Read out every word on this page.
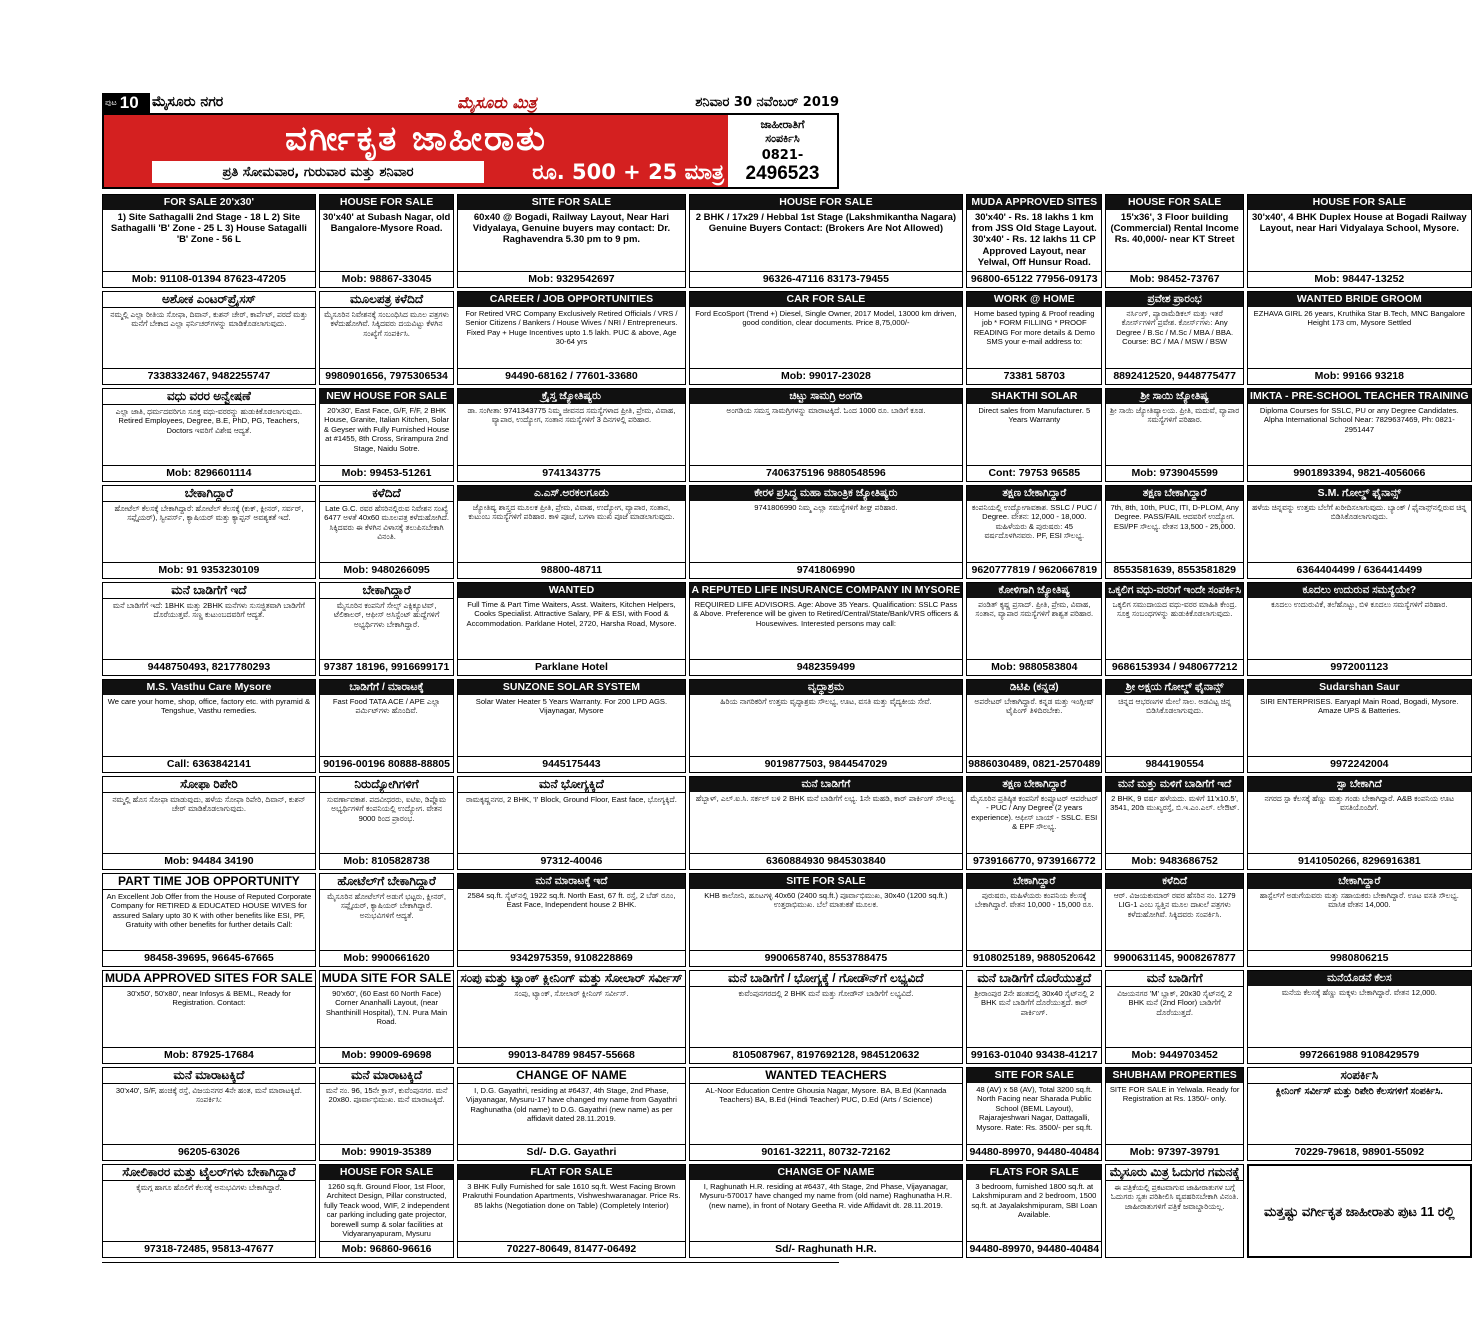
ಪುಟ 10 ಮೈಸೂರು ನಗರ	ಮೈಸೂರು ಮಿತ್ರ	ಶನಿವಾರ 30 ನವೆಂಬರ್ 2019
ವರ್ಗೀಕೃತ ಜಾಹೀರಾತು
ಪ್ರತಿ ಸೋಮವಾರ, ಗುರುವಾರ ಮತ್ತು ಶನಿವಾರ	ರೂ. 500 + 25 ಮಾತ್ರ
ಜಾಹೀರಾತಿಗೆ
ಸಂಪರ್ಕಿಸಿ
0821-
2496523
FOR SALE 20'x30'
1) Site Sathagalli 2nd Stage - 18 L 2) Site Sathagalli 'B' Zone - 25 L 3) House Satagalli 'B' Zone - 56 L
Mob: 91108-01394 87623-47205
HOUSE FOR SALE
30'x40' at Subash Nagar, old Bangalore-Mysore Road.
Mob: 98867-33045
SITE FOR SALE
60x40 @ Bogadi, Railway Layout, Near Hari Vidyalaya, Genuine buyers may contact: Dr. Raghavendra 5.30 pm to 9 pm.
Mob: 9329542697
HOUSE FOR SALE
2 BHK / 17x29 / Hebbal 1st Stage (Lakshmikantha Nagara) Genuine Buyers Contact: (Brokers Are Not Allowed)
96326-47116 83173-79455
MUDA APPROVED SITES
30'x40' - Rs. 18 lakhs 1 km from JSS Old Stage Layout. 30'x40' - Rs. 12 lakhs 11 CP Approved Layout, near Yelwal, Off Hunsur Road.
96800-65122 77956-09173
HOUSE FOR SALE
15'x36', 3 Floor building (Commercial) Rental Income Rs. 40,000/- near KT Street
Mob: 98452-73767
HOUSE FOR SALE
30'x40', 4 BHK Duplex House at Bogadi Railway Layout, near Hari Vidyalaya School, Mysore.
Mob: 98447-13252
ಅಶೋಕ ಎಂಟರ್‌ಪ್ರೈಸಸ್
ನಮ್ಮಲ್ಲಿ ಎಲ್ಲಾ ರೀತಿಯ ಸೋಫಾ, ದಿವಾನ್, ಕುಶನ್ ಚೇರ್, ಕಾರ್ಪೆಟ್, ಪರದೆ ಮತ್ತು ಮನೆಗೆ ಬೇಕಾದ ಎಲ್ಲಾ ಫರ್ನಿಚರ್‌ಗಳನ್ನು ಮಾಡಿಕೊಡಲಾಗುವುದು.
7338332467, 9482255747
ಮೂಲಪತ್ರ ಕಳೆದಿದೆ
ಮೈಸೂರಿನ ನಿವೇಶನಕ್ಕೆ ಸಂಬಂಧಿಸಿದ ಮೂಲ ಪತ್ರಗಳು ಕಳೆದುಹೋಗಿವೆ. ಸಿಕ್ಕಿದವರು ದಯವಿಟ್ಟು ಕೆಳಗಿನ ಸಂಖ್ಯೆಗೆ ಸಂಪರ್ಕಿಸಿ.
9980901656, 7975306534
CAREER / JOB OPPORTUNITIES
For Retired VRC Company Exclusively Retired Officials / VRS / Senior Citizens / Bankers / House Wives / NRI / Entrepreneurs. Fixed Pay + Huge Incentives upto 1.5 lakh. PUC & above, Age 30-64 yrs
94490-68162 / 77601-33680
CAR FOR SALE
Ford EcoSport (Trend +) Diesel, Single Owner, 2017 Model, 13000 km driven, good condition, clear documents. Price 8,75,000/-
Mob: 99017-23028
WORK @ HOME
Home based typing & Proof reading job * FORM FILLING * PROOF READING For more details & Demo SMS your e-mail address to:
73381 58703
ಪ್ರವೇಶ ಪ್ರಾರಂಭ
ನರ್ಸಿಂಗ್, ಪ್ಯಾರಾಮೆಡಿಕಲ್ ಮತ್ತು ಇತರೆ ಕೋರ್ಸ್‌ಗಳಿಗೆ ಪ್ರವೇಶ. ಕೋರ್ಸ್‌ಗಳು: Any Degree / B.Sc / M.Sc / MBA / BBA. Course: BC / MA / MSW / BSW
8892412520, 9448775477
WANTED BRIDE GROOM
EZHAVA GIRL 26 years, Kruthika Star B.Tech, MNC Bangalore Height 173 cm, Mysore Settled
Mob: 99166 93218
ವಧು ವರರ ಅನ್ವೇಷಣೆ
ಎಲ್ಲಾ ಜಾತಿ, ಧರ್ಮದವರಿಗೂ ಸೂಕ್ತ ವಧು-ವರರನ್ನು ಹುಡುಕಿಕೊಡಲಾಗುವುದು. Retired Employees, Degree, B.E, PhD, PG, Teachers, Doctors ಇವರಿಗೆ ವಿಶೇಷ ಆದ್ಯತೆ.
Mob: 8296601114
NEW HOUSE FOR SALE
20'x30', East Face, G/F, F/F, 2 BHK House, Granite, Italian Kitchen, Solar & Geyser with Fully Furnished House at #1455, 8th Cross, Srirampura 2nd Stage, Naidu Sotre.
Mob: 99453-51261
ಕ್ರೈಸ್ತ ಜ್ಯೋತಿಷ್ಯರು
ಡಾ. ಸಂಗೀತಾ: 9741343775 ನಿಮ್ಮ ಜೀವನದ ಸಮಸ್ಯೆಗಳಾದ ಪ್ರೀತಿ, ಪ್ರೇಮ, ವಿವಾಹ, ವ್ಯಾಪಾರ, ಉದ್ಯೋಗ, ಸಂತಾನ ಸಮಸ್ಯೆಗಳಿಗೆ 3 ದಿನಗಳಲ್ಲಿ ಪರಿಹಾರ.
9741343775
ಚಿಟ್ಟು ಸಾಮಗ್ರಿ ಅಂಗಡಿ
ಅಂಗಡಿಯ ಸಮಸ್ತ ಸಾಮಗ್ರಿಗಳನ್ನು ಮಾರಾಟಕ್ಕಿದೆ. ಓಂದ 1000 ರೂ. ಬಾಡಿಗೆ ಕೂಡ.
7406375196 9880548596
SHAKTHI SOLAR
Direct sales from Manufacturer. 5 Years Warranty
Cont: 79753 96585
ಶ್ರೀ ಸಾಯಿ ಜ್ಯೋತಿಷ್ಯ
ಶ್ರೀ ಸಾಯಿ ಜ್ಯೋತಿಷ್ಯಾಲಯ. ಪ್ರೀತಿ, ಮದುವೆ, ವ್ಯಾಪಾರ ಸಮಸ್ಯೆಗಳಿಗೆ ಪರಿಹಾರ.
Mob: 9739045599
IMKTA - PRE-SCHOOL TEACHER TRAINING
Diploma Courses for SSLC, PU or any Degree Candidates. Alpha International School Near: 7829637469, Ph: 0821-2951447
9901893394, 9821-4056066
ಬೇಕಾಗಿದ್ದಾರೆ
ಹೋಟೆಲ್ ಕೆಲಸಕ್ಕೆ ಬೇಕಾಗಿದ್ದಾರೆ: ಹೋಟೆಲ್ ಕೆಲಸಕ್ಕೆ (ಕುಕ್, ಕ್ಲೀನರ್, ಸರ್ವರ್, ಸಪ್ಲೈಯರ್), ಸ್ವೀಪರ್ಸ್, ಕ್ಯಾಷಿಯರ್ ಮತ್ತು ಕ್ಯಾಪ್ಟನ್ ಅವಶ್ಯಕತೆ ಇದೆ.
Mob: 91 9353230109
ಕಳೆದಿದೆ
Late G.C. ರವರ ಹೆಸರಿನಲ್ಲಿರುವ ನಿವೇಶನ ಸಂಖ್ಯೆ 6477 ಅಳತೆ 40x60 ಮೂಲಪತ್ರ ಕಳೆದುಹೋಗಿದೆ. ಸಿಕ್ಕಿದವರು ಈ ಕೆಳಗಿನ ವಿಳಾಸಕ್ಕೆ ತಲುಪಿಸಬೇಕಾಗಿ ವಿನಂತಿ.
Mob: 9480266095
ಎ.ಎಸ್.ಅರಕಲಗೂಡು
ಜ್ಯೋತಿಷ್ಯ ಶಾಸ್ತ್ರದ ಮೂಲಕ ಪ್ರೀತಿ, ಪ್ರೇಮ, ವಿವಾಹ, ಉದ್ಯೋಗ, ವ್ಯಾಪಾರ, ಸಂತಾನ, ಕುಟುಂಬ ಸಮಸ್ಯೆಗಳಿಗೆ ಪರಿಹಾರ. ಕಾಳಿ ಪೂಜೆ, ಬಗಳಾ ಮುಖಿ ಪೂಜೆ ಮಾಡಲಾಗುವುದು.
98800-48711
ಕೇರಳ ಪ್ರಸಿದ್ಧ ಮಹಾ ಮಾಂತ್ರಿಕ ಜ್ಯೋತಿಷ್ಯರು
9741806990 ನಿಮ್ಮ ಎಲ್ಲಾ ಸಮಸ್ಯೆಗಳಿಗೆ ಶೀಘ್ರ ಪರಿಹಾರ.
9741806990
ತಕ್ಷಣ ಬೇಕಾಗಿದ್ದಾರೆ
ಕಂಪನಿಯಲ್ಲಿ ಉದ್ಯೋಗಾವಕಾಶ. SSLC / PUC / Degree. ವೇತನ: 12,000 - 18,000. ಮಹಿಳೆಯರು & ಪುರುಷರು: 45 ವರ್ಷದೊಳಗಿನವರು. PF, ESI ಸೌಲಭ್ಯ.
9620777819 / 9620667819
ತಕ್ಷಣ ಬೇಕಾಗಿದ್ದಾರೆ
7th, 8th, 10th, PUC, ITI, D-PLOM, Any Degree. PASS/FAIL ಆದವರಿಗೆ ಉದ್ಯೋಗ. ESI/PF ಸೌಲಭ್ಯ. ವೇತನ 13,500 - 25,000.
8553581639, 8553581829
S.M. ಗೋಲ್ಡ್ ಫೈನಾನ್ಸ್
ಹಳೆಯ ಚಿನ್ನವನ್ನು ಉತ್ತಮ ಬೆಲೆಗೆ ಖರೀದಿಸಲಾಗುವುದು. ಬ್ಯಾಂಕ್ / ಫೈನಾನ್ಸ್‌ನಲ್ಲಿರುವ ಚಿನ್ನ ಬಿಡಿಸಿಕೊಡಲಾಗುವುದು.
6364404499 / 6364414499
ಮನೆ ಬಾಡಿಗೆಗೆ ಇದೆ
ಮನೆ ಬಾಡಿಗೆಗೆ ಇದೆ: 1BHK ಮತ್ತು 2BHK ಮನೆಗಳು ಸುಸಜ್ಜಿತವಾಗಿ ಬಾಡಿಗೆಗೆ ದೊರೆಯುತ್ತವೆ. ಸಣ್ಣ ಕುಟುಂಬದವರಿಗೆ ಆದ್ಯತೆ.
9448750493, 8217780293
ಬೇಕಾಗಿದ್ದಾರೆ
ಮೈಸೂರಿನ ಕಂಪನಿಗೆ ಸೇಲ್ಸ್ ಎಕ್ಸಿಕ್ಯೂಟಿವ್, ಟೆಲಿಕಾಲರ್, ಆಫೀಸ್ ಅಸಿಸ್ಟೆಂಟ್ ಹುದ್ದೆಗಳಿಗೆ ಅಭ್ಯರ್ಥಿಗಳು ಬೇಕಾಗಿದ್ದಾರೆ.
97387 18196, 9916699171
WANTED
Full Time & Part Time Waiters, Asst. Waiters, Kitchen Helpers, Cooks Specialist. Attractive Salary, PF & ESI, with Food & Accommodation. Parklane Hotel, 2720, Harsha Road, Mysore.
Parklane Hotel
A REPUTED LIFE INSURANCE COMPANY IN MYSORE
REQUIRED LIFE ADVISORS. Age: Above 35 Years. Qualification: SSLC Pass & Above. Preference will be given to Retired/Central/State/Bank/VRS officers & Housewives. Interested persons may call:
9482359499
ಕೋಳಿಗಾಗಿ ಜ್ಯೋತಿಷ್ಯ
ಪಂಡಿತ್ ಕೃಷ್ಣ ಪ್ರಸಾದ್. ಪ್ರೀತಿ, ಪ್ರೇಮ, ವಿವಾಹ, ಸಂತಾನ, ವ್ಯಾಪಾರ ಸಮಸ್ಯೆಗಳಿಗೆ ಶಾಶ್ವತ ಪರಿಹಾರ.
Mob: 9880583804
ಒಕ್ಕಲಿಗ ವಧು-ವರರಿಗೆ ಇಂದೇ ಸಂಪರ್ಕಿಸಿ
ಒಕ್ಕಲಿಗ ಸಮುದಾಯದ ವಧು-ವರರ ಮಾಹಿತಿ ಕೇಂದ್ರ. ಸೂಕ್ತ ಸಂಬಂಧಗಳನ್ನು ಹುಡುಕಿಕೊಡಲಾಗುವುದು.
9686153934 / 9480677212
ಕೂದಲು ಉದುರುವ ಸಮಸ್ಯೆಯೇ?
ಕೂದಲು ಉದುರುವಿಕೆ, ತಲೆಹೊಟ್ಟು, ಬಿಳಿ ಕೂದಲು ಸಮಸ್ಯೆಗಳಿಗೆ ಪರಿಹಾರ.
9972001123
M.S. Vasthu Care Mysore
We care your home, shop, office, factory etc. with pyramid & Tengshue, Vasthu remedies.
Call: 6363842141
ಬಾಡಿಗೆಗೆ / ಮಾರಾಟಕ್ಕೆ
Fast Food TATA ACE / APE ಎಲ್ಲಾ ಪರ್ಮಿಟ್‌ಗಳು ಹೊಂದಿವೆ.
90196-00196 80888-88805
SUNZONE SOLAR SYSTEM
Solar Water Heater 5 Years Warranty. For 200 LPD AGS. Vijaynagar, Mysore
9445175443
ವೃದ್ಧಾಶ್ರಮ
ಹಿರಿಯ ನಾಗರಿಕರಿಗೆ ಉತ್ತಮ ವೃದ್ಧಾಶ್ರಮ ಸೌಲಭ್ಯ, ಊಟ, ವಸತಿ ಮತ್ತು ವೈದ್ಯಕೀಯ ಸೇವೆ.
9019877503, 9844547029
ಡಿಟಿಪಿ (ಕನ್ನಡ)
ಅಪರೇಟರ್ ಬೇಕಾಗಿದ್ದಾರೆ. ಕನ್ನಡ ಮತ್ತು ಇಂಗ್ಲೀಷ್ ಟೈಪಿಂಗ್ ತಿಳಿದಿರಬೇಕು.
9886030489, 0821-2570489
ಶ್ರೀ ಅಕ್ಷಯ ಗೋಲ್ಡ್ ಫೈನಾನ್ಸ್
ಚಿನ್ನದ ಆಭರಣಗಳ ಮೇಲೆ ಸಾಲ. ಅಡವಿಟ್ಟ ಚಿನ್ನ ಬಿಡಿಸಿಕೊಡಲಾಗುವುದು.
9844190554
Sudarshan Saur
SIRI ENTERPRISES. Earyapl Main Road, Bogadi, Mysore. Amaze UPS & Batteries.
9972242004
ಸೋಫಾ ರಿಪೇರಿ
ನಮ್ಮಲ್ಲಿ ಹೊಸ ಸೋಫಾ ಮಾಡುವುದು, ಹಳೆಯ ಸೋಫಾ ರಿಪೇರಿ, ದಿವಾನ್, ಕುಶನ್ ಚೇರ್ ಮಾಡಿಕೊಡಲಾಗುವುದು.
Mob: 94484 34190
ನಿರುದ್ಯೋಗಿಗಳಿಗೆ
ಸುವರ್ಣಾವಕಾಶ. ಪದವೀಧರರು, ಐಟಿಐ, ಡಿಪ್ಲೊಮ ಅಭ್ಯರ್ಥಿಗಳಿಗೆ ಕಂಪನಿಯಲ್ಲಿ ಉದ್ಯೋಗ. ವೇತನ 9000 ರಿಂದ ಪ್ರಾರಂಭ.
Mob: 8105828738
ಮನೆ ಭೋಗ್ಯಕ್ಕಿದೆ
ರಾಮಕೃಷ್ಣನಗರ, 2 BHK, 'I' Block, Ground Floor, East face, ಭೋಗ್ಯಕ್ಕಿದೆ.
97312-40046
ಮನೆ ಬಾಡಿಗೆಗೆ
ಹೆಬ್ಬಾಳ್, ಎಲ್.ಐ.ಸಿ. ಸರ್ಕಲ್ ಬಳಿ 2 BHK ಮನೆ ಬಾಡಿಗೆಗೆ ಲಭ್ಯ. 1ನೇ ಮಹಡಿ, ಕಾರ್ ಪಾರ್ಕಿಂಗ್ ಸೌಲಭ್ಯ.
6360884930 9845303840
ತಕ್ಷಣ ಬೇಕಾಗಿದ್ದಾರೆ
ಮೈಸೂರಿನ ಪ್ರತಿಷ್ಠಿತ ಕಂಪನಿಗೆ ಕಂಪ್ಯೂಟರ್ ಆಪರೇಟರ್ - PUC / Any Degree (2 years experience). ಆಫೀಸ್ ಬಾಯ್ - SSLC. ESI & EPF ಸೌಲಭ್ಯ.
9739166770, 9739166772
ಮನೆ ಮತ್ತು ಮಳಿಗೆ ಬಾಡಿಗೆಗೆ ಇದೆ
2 BHK, 9 ವರ್ಷ ಹಳೆಯದು. ಮಳಿಗೆ 11'x10.5', 3541, 20ಡಿ ಮುಖ್ಯರಸ್ತೆ, ಬಿ.ಇ.ಎಂ.ಎಲ್. ಲೇಔಟ್.
Mob: 9483686752
ಸ್ಪಾ ಬೇಕಾಗಿದೆ
ನಗರದ ಸ್ಪಾ ಕೆಲಸಕ್ಕೆ ಹೆಣ್ಣು ಮತ್ತು ಗಂಡು ಬೇಕಾಗಿದ್ದಾರೆ. A&B ಕಂಪನಿಯ ಊಟ ವಸತಿಯೊಂದಿಗೆ.
9141050266, 8296916381
PART TIME JOB OPPORTUNITY
An Excellent Job Offer from the House of Reputed Corporate Company for RETIRED & EDUCATED HOUSE WIVES for assured Salary upto 30 K with other benefits like ESI, PF, Gratuity with other benefits for further details Call:
98458-39695, 96645-67665
ಹೋಟೆಲ್‌ಗೆ ಬೇಕಾಗಿದ್ದಾರೆ
ಮೈಸೂರಿನ ಹೋಟೆಲ್‌ಗೆ ಅಡುಗೆ ಭಟ್ಟರು, ಕ್ಲೀನರ್, ಸಪ್ಲೈಯರ್, ಕ್ಯಾಷಿಯರ್ ಬೇಕಾಗಿದ್ದಾರೆ. ಅನುಭವಿಗಳಿಗೆ ಆದ್ಯತೆ.
Mob: 9900661620
ಮನೆ ಮಾರಾಟಕ್ಕೆ ಇದೆ
2584 sq.ft. ಸೈಟ್‌ನಲ್ಲಿ 1922 sq.ft. North East, 67 ft. ರಸ್ತೆ, 2 ಬೆಡ್ ರೂಂ, East Face, Independent house 2 BHK.
9342975359, 9108228869
SITE FOR SALE
KHB ಕಾಲೋನಿ, ಹೂಟಗಳ್ಳಿ 40x60 (2400 sq.ft.) ಪೂರ್ವಾಭಿಮುಖ, 30x40 (1200 sq.ft.) ಉತ್ತರಾಭಿಮುಖ. ಬೆಲೆ ಮಾತುಕತೆ ಮೂಲಕ.
9900658740, 8553788475
ಬೇಕಾಗಿದ್ದಾರೆ
ಪುರುಷರು, ಮಹಿಳೆಯರು ಕಂಪನಿಯ ಕೆಲಸಕ್ಕೆ ಬೇಕಾಗಿದ್ದಾರೆ. ವೇತನ 10,000 - 15,000 ರೂ.
9108025189, 9880520642
ಕಳೆದಿದೆ
ಆರ್. ವಿಜಯಕುಮಾರ್ ರವರ ಹೆಸರಿನ ನಂ. 1279 LIG-1 ಎಂಬ ಸ್ವತ್ತಿನ ಮೂಲ ದಾಖಲೆ ಪತ್ರಗಳು ಕಳೆದುಹೋಗಿವೆ. ಸಿಕ್ಕಿದವರು ಸಂಪರ್ಕಿಸಿ.
9900631145, 9008267877
ಬೇಕಾಗಿದ್ದಾರೆ
ಹಾಸ್ಟೆಲ್‌ಗೆ ಅಡುಗೆಯವರು ಮತ್ತು ಸಹಾಯಕರು ಬೇಕಾಗಿದ್ದಾರೆ. ಊಟ ವಸತಿ ಸೌಲಭ್ಯ. ಮಾಸಿಕ ವೇತನ 14,000.
9980806215
MUDA APPROVED SITES FOR SALE
30'x50', 50'x80', near Infosys & BEML, Ready for Registration. Contact:
Mob: 87925-17684
MUDA SITE FOR SALE
90'x60', (60 East 60 North Face) Corner Ananhalli Layout, (near Shanthinill Hospital), T.N. Pura Main Road.
Mob: 99009-69698
ಸಂಪು ಮತ್ತು ಟ್ಯಾಂಕ್ ಕ್ಲೀನಿಂಗ್ ಮತ್ತು ಸೋಲಾರ್ ಸರ್ವೀಸ್
ಸಂಪು, ಟ್ಯಾಂಕ್, ಸೋಲಾರ್ ಕ್ಲೀನಿಂಗ್ ಸರ್ವೀಸ್.
99013-84789 98457-55668
ಮನೆ ಬಾಡಿಗೆಗೆ / ಭೋಗ್ಯಕ್ಕೆ / ಗೋಡೌನ್‌ಗೆ ಲಭ್ಯವಿದೆ
ಕುವೆಂಪುನಗರದಲ್ಲಿ 2 BHK ಮನೆ ಮತ್ತು ಗೋಡೌನ್ ಬಾಡಿಗೆಗೆ ಲಭ್ಯವಿದೆ.
8105087967, 8197692128, 9845120632
ಮನೆ ಬಾಡಿಗೆಗೆ ದೊರೆಯುತ್ತದೆ
ಶ್ರೀರಾಂಪುರ 2ನೇ ಹಂತದಲ್ಲಿ 30x40 ಸೈಟ್‌ನಲ್ಲಿ 2 BHK ಮನೆ ಬಾಡಿಗೆಗೆ ದೊರೆಯುತ್ತದೆ. ಕಾರ್ ಪಾರ್ಕಿಂಗ್.
99163-01040 93438-41217
ಮನೆ ಬಾಡಿಗೆಗೆ
ವಿಜಯನಗರ 'M' ಬ್ಲಾಕ್, 20x30 ಸೈಟ್‌ನಲ್ಲಿ 2 BHK ಮನೆ (2nd Floor) ಬಾಡಿಗೆಗೆ ದೊರೆಯುತ್ತದೆ.
Mob: 9449703452
ಮನೆಯೊಡನೆ ಕೆಲಸ
ಮನೆಯ ಕೆಲಸಕ್ಕೆ ಹೆಣ್ಣು ಮಕ್ಕಳು ಬೇಕಾಗಿದ್ದಾರೆ. ವೇತನ 12,000.
9972661988 9108429579
ಮನೆ ಮಾರಾಟಕ್ಕಿದೆ
30'x40', S/F, ಹಂಚಿಕ್ಕೆ ರಸ್ತೆ, ವಿಜಯನಗರ 4ನೇ ಹಂತ, ಮನೆ ಮಾರಾಟಕ್ಕಿದೆ. ಸಂಪರ್ಕಿಸಿ:
96205-63026
ಮನೆ ಮಾರಾಟಕ್ಕಿದೆ
ಮನೆ ನಂ. 96, 15ನೇ ಕ್ರಾಸ್, ಕುವೆಂಪುನಗರ. ಮನೆ 20x80. ಪೂರ್ವಾಭಿಮುಖ. ಮನೆ ಮಾರಾಟಕ್ಕಿದೆ.
Mob: 99019-35389
CHANGE OF NAME
I, D.G. Gayathri, residing at #6437, 4th Stage, 2nd Phase, Vijayanagar, Mysuru-17 have changed my name from Gayathri Raghunatha (old name) to D.G. Gayathri (new name) as per affidavit dated 28.11.2019.
Sd/- D.G. Gayathri
WANTED TEACHERS
AL-Noor Education Centre Ghousia Nagar, Mysore. BA, B.Ed (Kannada Teachers) BA, B.Ed (Hindi Teacher) PUC, D.Ed (Arts / Science)
90161-32211, 80732-72162
SITE FOR SALE
48 (AV) x 58 (AV), Total 3200 sq.ft. North Facing near Sharada Public School (BEML Layout), Rajarajeshwari Nagar, Dattagalli, Mysore. Rate: Rs. 3500/- per sq.ft.
94480-89970, 94480-40484
SHUBHAM PROPERTIES
SITE FOR SALE in Yelwala. Ready for Registration at Rs. 1350/- only.
Mob: 97397-39791
ಸಂಪರ್ಕಿಸಿ
ಕ್ಲೀನಿಂಗ್ ಸರ್ವೀಸ್ ಮತ್ತು ರಿಪೇರಿ ಕೆಲಸಗಳಿಗೆ ಸಂಪರ್ಕಿಸಿ.
70229-79618, 98901-55092
ಸೋಲಿಕಾರರ ಮತ್ತು ಟೈಲರ್‌ಗಳು ಬೇಕಾಗಿದ್ದಾರೆ
ಕೈಮಗ್ಗ ಹಾಗೂ ಹೊಲಿಗೆ ಕೆಲಸಕ್ಕೆ ಅನುಭವಿಗಳು ಬೇಕಾಗಿದ್ದಾರೆ.
97318-72485, 95813-47677
HOUSE FOR SALE
1260 sq.ft. Ground Floor, 1st Floor, Architect Design, Pillar constructed, fully Teack wood, WIF, 2 independent car parking including gate projector, borewell sump & solar facilities at Vidyaranyapuram, Mysuru
Mob: 96860-96616
FLAT FOR SALE
3 BHK Fully Furnished for sale 1610 sq.ft. West Facing Brown Prakruthi Foundation Apartments, Vishweshwaranagar. Price Rs. 85 lakhs (Negotiation done on Table) (Completely Interior)
70227-80649, 81477-06492
CHANGE OF NAME
I, Raghunath H.R. residing at #6437, 4th Stage, 2nd Phase, Vijayanagar, Mysuru-570017 have changed my name from (old name) Raghunatha H.R. (new name), in front of Notary Geetha R. vide Affidavit dt. 28.11.2019.
Sd/- Raghunath H.R.
FLATS FOR SALE
3 bedroom, furnished 1800 sq.ft. at Lakshmipuram and 2 bedroom, 1500 sq.ft. at Jayalakshmipuram, SBI Loan Available.
94480-89970, 94480-40484
ಮೈಸೂರು ಮಿತ್ರ ಓದುಗರ ಗಮನಕ್ಕೆ
ಈ ಪತ್ರಿಕೆಯಲ್ಲಿ ಪ್ರಕಟವಾಗುವ ಜಾಹೀರಾತುಗಳ ಬಗ್ಗೆ ಓದುಗರು ಸ್ವತಃ ಪರಿಶೀಲಿಸಿ ವ್ಯವಹರಿಸಬೇಕಾಗಿ ವಿನಂತಿ. ಜಾಹೀರಾತುಗಳಿಗೆ ಪತ್ರಿಕೆ ಜವಾಬ್ದಾರಿಯಲ್ಲ.	ಮತ್ತಷ್ಟು ವರ್ಗೀಕೃತ ಜಾಹೀರಾತು ಪುಟ 11 ರಲ್ಲಿ
